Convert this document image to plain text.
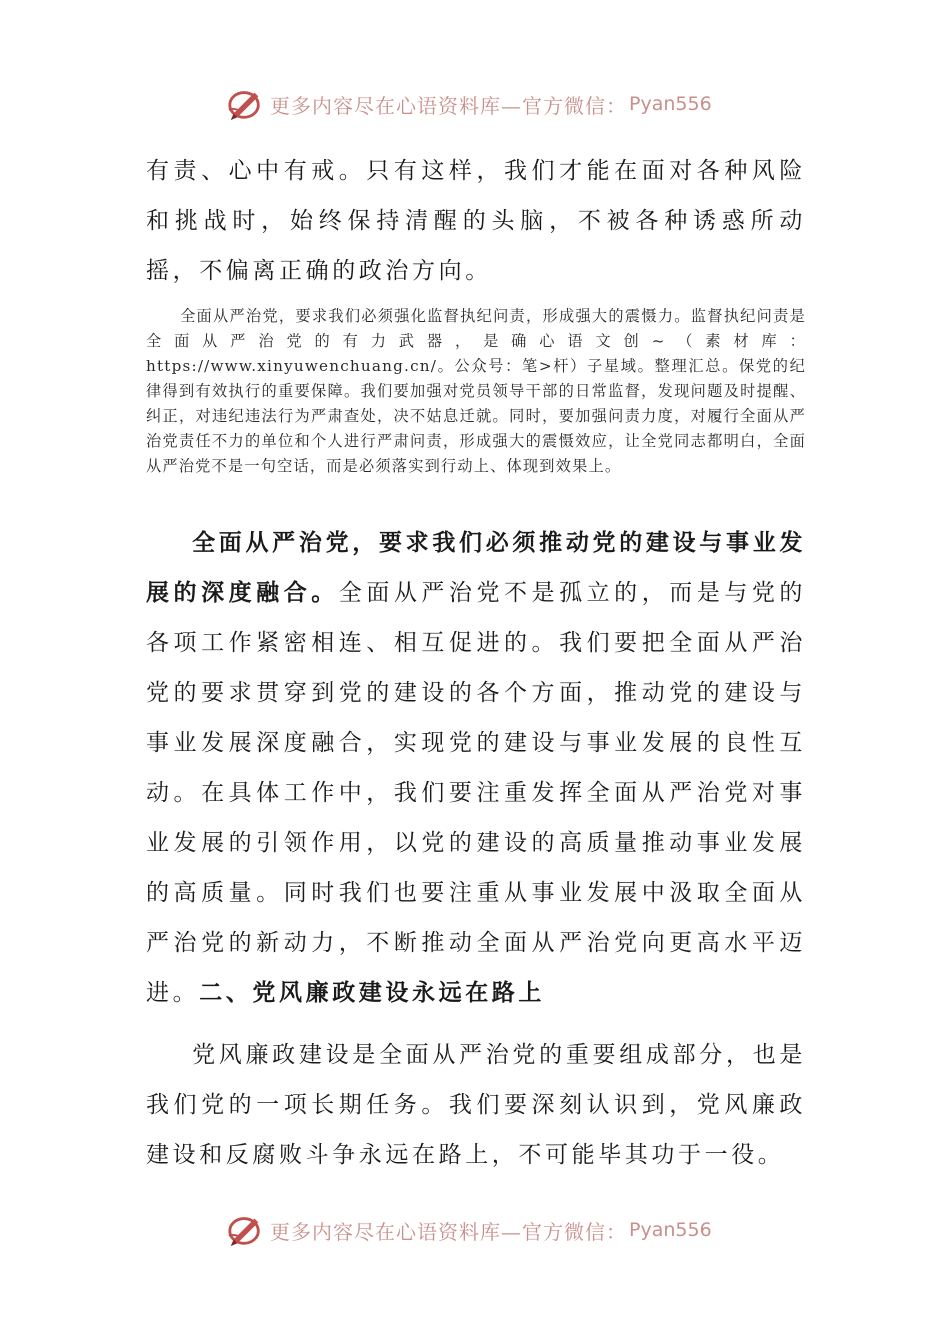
更多内容尽在心语资料库—官方微信： Pyan556
有责、心中有戒。只有这样，我们才能在面对各种风险和挑战时，始终保持清醒的头脑，不被各种诱惑所动摇，不偏离正确的政治方向。
全面从严治党，要求我们必须强化监督执纪问责，形成强大的震慑力。监督执纪问责是全面从严治党的有力武器，是确心语文创~（素材库：https://www.xinyuwenchuang.cn/。公众号：笔>杆）子星域。整理汇总。保党的纪律得到有效执行的重要保障。我们要加强对党员领导干部的日常监督，发现问题及时提醒、纠正，对违纪违法行为严肃查处，决不姑息迁就。同时，要加强问责力度，对履行全面从严治党责任不力的单位和个人进行严肃问责，形成强大的震慑效应，让全党同志都明白，全面从严治党不是一句空话，而是必须落实到行动上、体现到效果上。
全面从严治党，要求我们必须推动党的建设与事业发展的深度融合。全面从严治党不是孤立的，而是与党的各项工作紧密相连、相互促进的。我们要把全面从严治党的要求贯穿到党的建设的各个方面，推动党的建设与事业发展深度融合，实现党的建设与事业发展的良性互动。在具体工作中，我们要注重发挥全面从严治党对事业发展的引领作用，以党的建设的高质量推动事业发展的高质量。同时我们也要注重从事业发展中汲取全面从严治党的新动力，不断推动全面从严治党向更高水平迈进。二、党风廉政建设永远在路上
党风廉政建设是全面从严治党的重要组成部分，也是我们党的一项长期任务。我们要深刻认识到，党风廉政建设和反腐败斗争永远在路上，不可能毕其功于一役。
更多内容尽在心语资料库—官方微信： Pyan556
